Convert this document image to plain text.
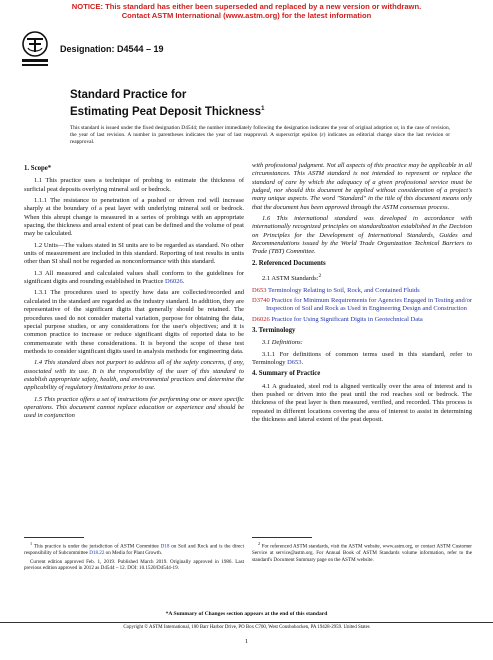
NOTICE: This standard has either been superseded and replaced by a new version or withdrawn.
Contact ASTM International (www.astm.org) for the latest information
Designation: D4544 – 19
Standard Practice for
Estimating Peat Deposit Thickness$^1$
This standard is issued under the fixed designation D4544; the number immediately following the designation indicates the year of original adoption or, in the case of revision, the year of last revision. A number in parentheses indicates the year of last reapproval. A superscript epsilon (ε) indicates an editorial change since the last revision or reapproval.
1. Scope*

1.1 This practice uses a technique of probing to estimate the thickness of surficial peat deposits overlying mineral soil or bedrock.

1.1.1 The resistance to penetration of a pushed or driven rod will increase sharply at the boundary of a peat layer with underlying mineral soil or bedrock. When this abrupt change is measured in a series of probings with an appropriate spacing, the thickness and areal extent of peat can be defined and the volume of peat may be calculated.

1.2 Units—The values stated in SI units are to be regarded as standard. No other units of measurement are included in this standard. Reporting of test results in units other than SI shall not be regarded as nonconformance with this standard.

1.3 All measured and calculated values shall conform to the guidelines for significant digits and rounding established in Practice D6026.

1.3.1 The procedures used to specify how data are collected/recorded and calculated in the standard are regarded as the industry standard. In addition, they are representative of the significant digits that generally should be retained. The procedures used do not consider material variation, purpose for obtaining the data, special purpose studies, or any considerations for the user's objectives; and it is common practice to increase or reduce significant digits of reported data to be commensurate with these considerations. It is beyond the scope of these test methods to consider significant digits used in analysis methods for engineering data.

1.4 This standard does not purport to address all of the safety concerns, if any, associated with its use. It is the responsibility of the user of this standard to establish appropriate safety, health, and environmental practices and determine the applicability of regulatory limitations prior to use.

1.5 This practice offers a set of instructions for performing one or more specific operations. This document cannot replace education or experience and should be used in conjunction

with professional judgment. Not all aspects of this practice may be applicable in all circumstances. This ASTM standard is not intended to represent or replace the standard of care by which the adequacy of a given professional service must be judged, nor should this document be applied without consideration of a project's many unique aspects. The word "Standard" in the title of this document means only that the document has been approved through the ASTM consensus process.

1.6 This international standard was developed in accordance with internationally recognized principles on standardization established in the Decision on Principles for the Development of International Standards, Guides and Recommendations issued by the World Trade Organization Technical Barriers to Trade (TBT) Committee.

2. Referenced Documents

2.1 ASTM Standards:$^2$

D653 Terminology Relating to Soil, Rock, and Contained Fluids
D3740 Practice for Minimum Requirements for Agencies Engaged in Testing and/or Inspection of Soil and Rock as Used in Engineering Design and Construction
D6026 Practice for Using Significant Digits in Geotechnical Data
3. Terminology

3.1 Definitions:

3.1.1 For definitions of common terms used in this standard, refer to Terminology D653.

4. Summary of Practice

4.1 A graduated, steel rod is aligned vertically over the area of interest and is then pushed or driven into the peat until the rod reaches soil or bedrock. The thickness of the peat layer is then measured, verified, and recorded. This process is repeated in different locations covering the area of interest to assist in determining the thickness and lateral extent of the peat deposit.

$^1$ This practice is under the jurisdiction of ASTM Committee D18 on Soil and Rock and is the direct responsibility of Subcommittee D18.22 on Media for Plant Growth.

Current edition approved Feb. 1, 2019. Published March 2019. Originally approved in 1986. Last previous edition approved in 2012 as D4544 – 12. DOI: 10.1520/D4544-19.

$^2$ For referenced ASTM standards, visit the ASTM website, www.astm.org, or contact ASTM Customer Service at service@astm.org. For Annual Book of ASTM Standards volume information, refer to the standard's Document Summary page on the ASTM website.

*A Summary of Changes section appears at the end of this standard
Copyright © ASTM International, 100 Barr Harbor Drive, PO Box C700, West Conshohocken, PA 19428-2959. United States
1
